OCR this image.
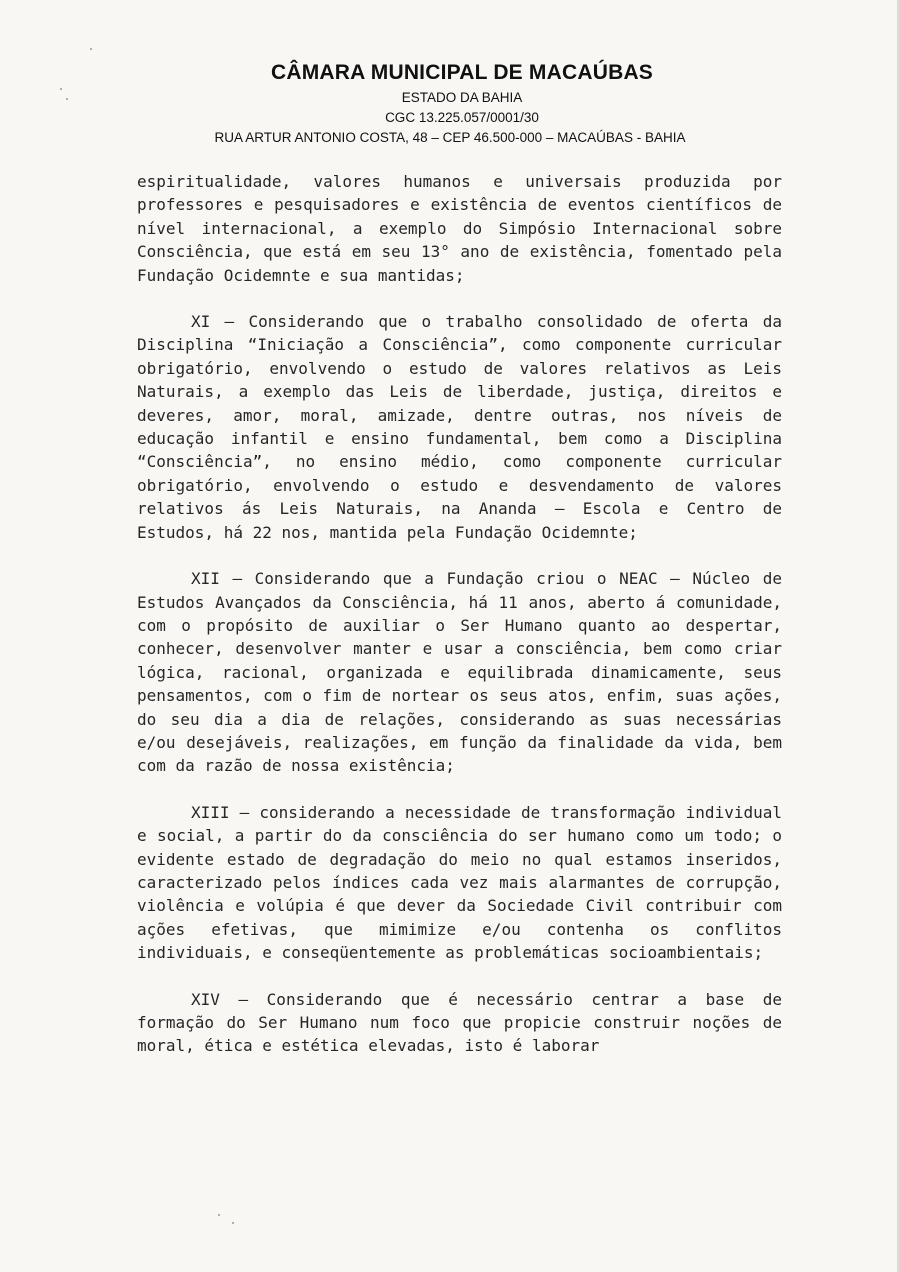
CÂMARA MUNICIPAL DE MACAÚBAS

ESTADO DA BAHIA

CGC 13.225.057/0001/30

RUA ARTUR ANTONIO COSTA, 48 – CEP 46.500-000 – MACAÚBAS - BAHIA

espiritualidade, valores humanos e universais produzida por professores e pesquisadores e existência de eventos científicos de nível internacional, a exemplo do Simpósio Internacional sobre Consciência, que está em seu 13° ano de existência, fomentado pela Fundação Ocidemnte e sua mantidas;

XI – Considerando que o trabalho consolidado de oferta da Disciplina “Iniciação a Consciência”, como componente curricular obrigatório, envolvendo o estudo de valores relativos as Leis Naturais, a exemplo das Leis de liberdade, justiça, direitos e deveres, amor, moral, amizade, dentre outras, nos níveis de educação infantil e ensino fundamental, bem como a Disciplina “Consciência”, no ensino médio, como componente curricular obrigatório, envolvendo o estudo e desvendamento de valores relativos ás Leis Naturais, na Ananda – Escola e Centro de Estudos, há 22 nos, mantida pela Fundação Ocidemnte;

XII – Considerando que a Fundação criou o NEAC – Núcleo de Estudos Avançados da Consciência, há 11 anos, aberto á comunidade, com o propósito de auxiliar o Ser Humano quanto ao despertar, conhecer, desenvolver manter e usar a consciência, bem como criar lógica, racional, organizada e equilibrada dinamicamente, seus pensamentos, com o fim de nortear os seus atos, enfim, suas ações, do seu dia a dia de relações, considerando as suas necessárias e/ou desejáveis, realizações, em função da finalidade da vida, bem com da razão de nossa existência;

XIII – considerando a necessidade de transformação individual e social, a partir do da consciência do ser humano como um todo; o evidente estado de degradação do meio no qual estamos inseridos, caracterizado pelos índices cada vez mais alarmantes de corrupção, violência e volúpia é que dever da Sociedade Civil contribuir com ações efetivas, que mimimize e/ou contenha os conflitos individuais, e conseqüentemente as problemáticas socioambientais;

XIV – Considerando que é necessário centrar a base de formação do Ser Humano num foco que propicie construir noções de moral, ética e estética elevadas, isto é laborar
